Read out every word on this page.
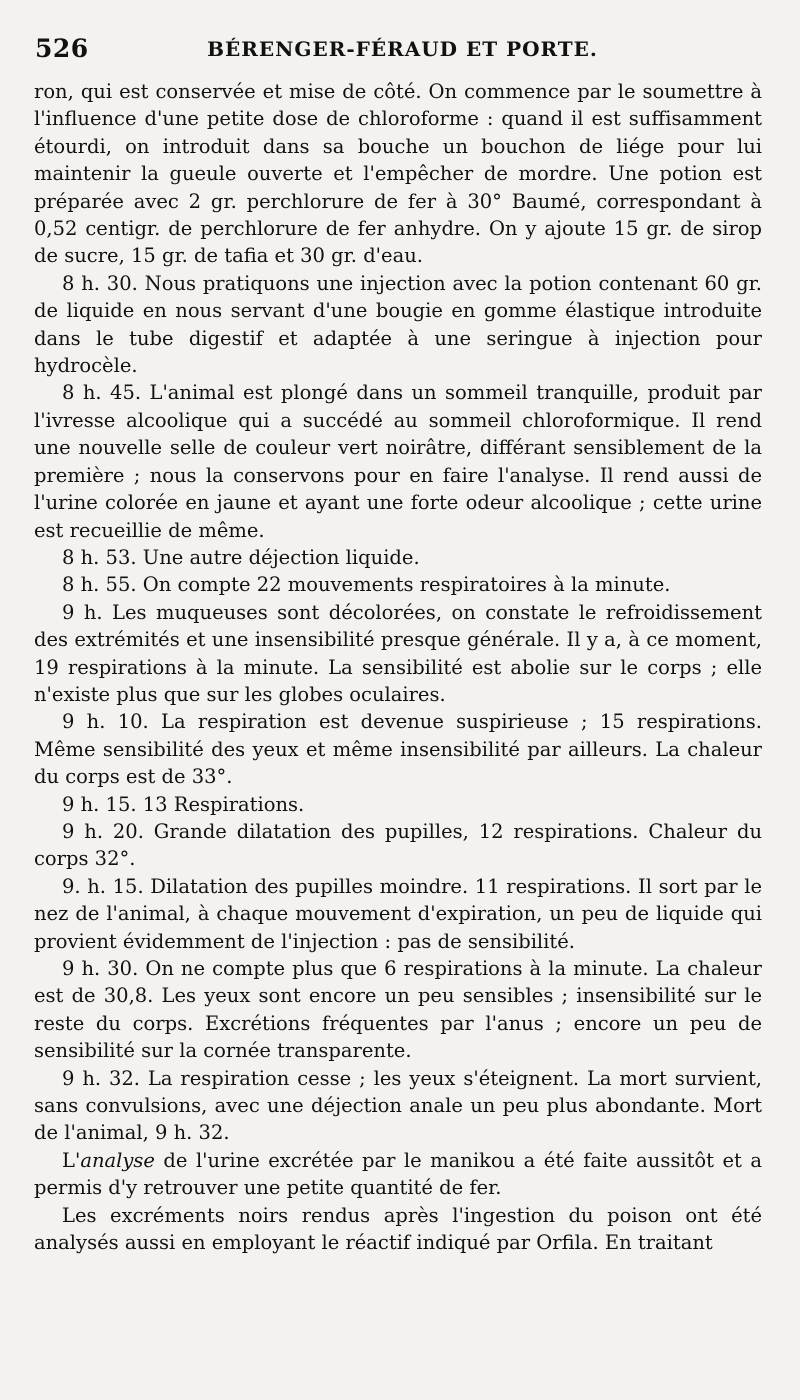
526	BÉRENGER-FÉRAUD ET PORTE.

ron, qui est conservée et mise de côté. On commence par le soumettre à l'influence d'une petite dose de chloroforme : quand il est suffisamment étourdi, on introduit dans sa bouche un bouchon de liége pour lui maintenir la gueule ouverte et l'empêcher de mordre. Une potion est préparée avec 2 gr. perchlorure de fer à 30° Baumé, correspondant à 0,52 centigr. de perchlorure de fer anhydre. On y ajoute 15 gr. de sirop de sucre, 15 gr. de tafia et 30 gr. d'eau.

8 h. 30. Nous pratiquons une injection avec la potion contenant 60 gr. de liquide en nous servant d'une bougie en gomme élastique introduite dans le tube digestif et adaptée à une seringue à injection pour hydrocèle.

8 h. 45. L'animal est plongé dans un sommeil tranquille, produit par l'ivresse alcoolique qui a succédé au sommeil chloroformique. Il rend une nouvelle selle de couleur vert noirâtre, différant sensiblement de la première ; nous la conservons pour en faire l'analyse. Il rend aussi de l'urine colorée en jaune et ayant une forte odeur alcoolique ; cette urine est recueillie de même.

8 h. 53. Une autre déjection liquide.

8 h. 55. On compte 22 mouvements respiratoires à la minute.

9 h. Les muqueuses sont décolorées, on constate le refroidissement des extrémités et une insensibilité presque générale. Il y a, à ce moment, 19 respirations à la minute. La sensibilité est abolie sur le corps ; elle n'existe plus que sur les globes oculaires.

9 h. 10. La respiration est devenue suspirieuse ; 15 respirations. Même sensibilité des yeux et même insensibilité par ailleurs. La chaleur du corps est de 33°.

9 h. 15. 13 Respirations.

9 h. 20. Grande dilatation des pupilles, 12 respirations. Chaleur du corps 32°.

9. h. 15. Dilatation des pupilles moindre. 11 respirations. Il sort par le nez de l'animal, à chaque mouvement d'expiration, un peu de liquide qui provient évidemment de l'injection : pas de sensibilité.

9 h. 30. On ne compte plus que 6 respirations à la minute. La chaleur est de 30,8. Les yeux sont encore un peu sensibles ; insensibilité sur le reste du corps. Excrétions fréquentes par l'anus ; encore un peu de sensibilité sur la cornée transparente.

9 h. 32. La respiration cesse ; les yeux s'éteignent. La mort survient, sans convulsions, avec une déjection anale un peu plus abondante. Mort de l'animal, 9 h. 32.

L'analyse de l'urine excrétée par le manikou a été faite aussitôt et a permis d'y retrouver une petite quantité de fer.

Les excréments noirs rendus après l'ingestion du poison ont été analysés aussi en employant le réactif indiqué par Orfila. En traitant
